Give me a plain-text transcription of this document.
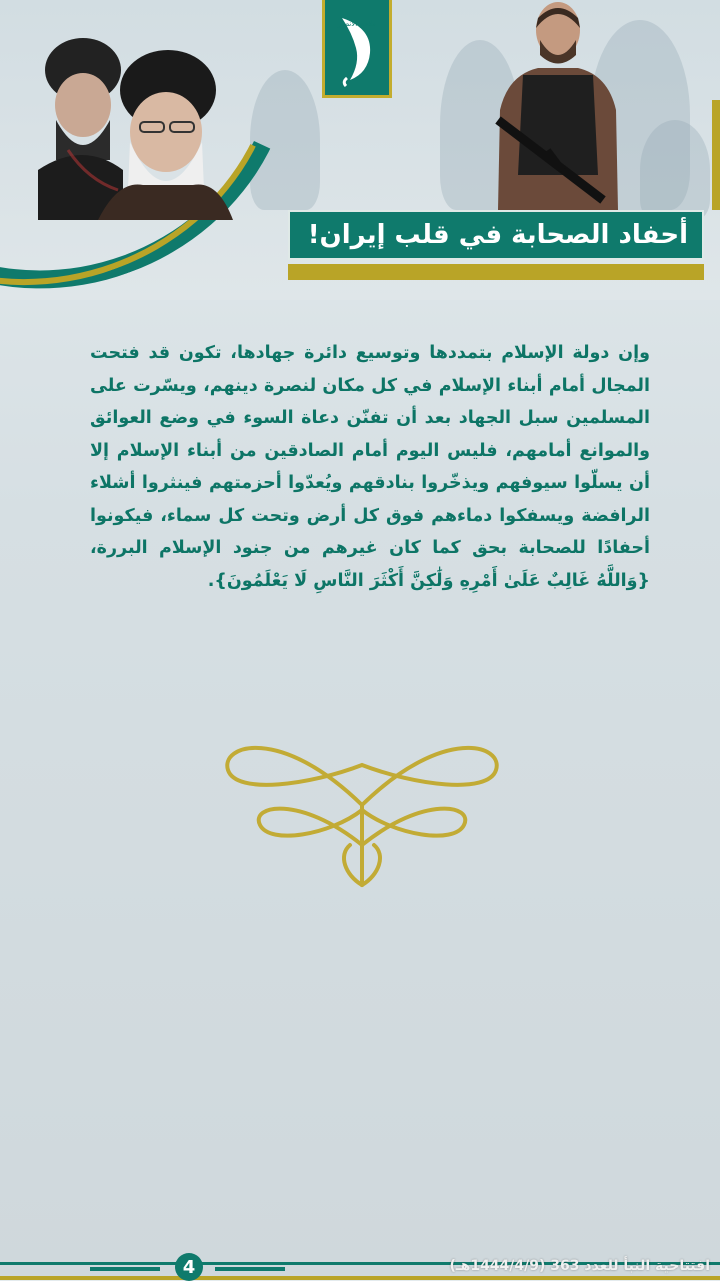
ملاحم الأنصار
أحفاد الصحابة في قلب إيران!
وإن دولة الإسلام بتمددها وتوسيع دائرة جهادها، تكون قد فتحت المجال أمام أبناء الإسلام في كل مكان لنصرة دينهم، ويسّرت على المسلمين سبل الجهاد بعد أن تفنّن دعاة السوء في وضع العوائق والموانع أمامهم، فليس اليوم أمام الصادقين من أبناء الإسلام إلا أن يسلّوا سيوفهم ويذخّروا بنادقهم ويُعدّوا أحزمتهم فينثروا أشلاء الرافضة ويسفكوا دماءهم فوق كل أرض وتحت كل سماء، فيكونوا أحفادًا للصحابة بحق كما كان غيرهم من جنود الإسلام البررة، {وَاللَّهُ غَالِبٌ عَلَىٰ أَمْرِهِ وَلَٰكِنَّ أَكْثَرَ النَّاسِ لَا يَعْلَمُونَ}.
4	افتتاحية النبأ للعدد 363 (1444/4/9هـ)
